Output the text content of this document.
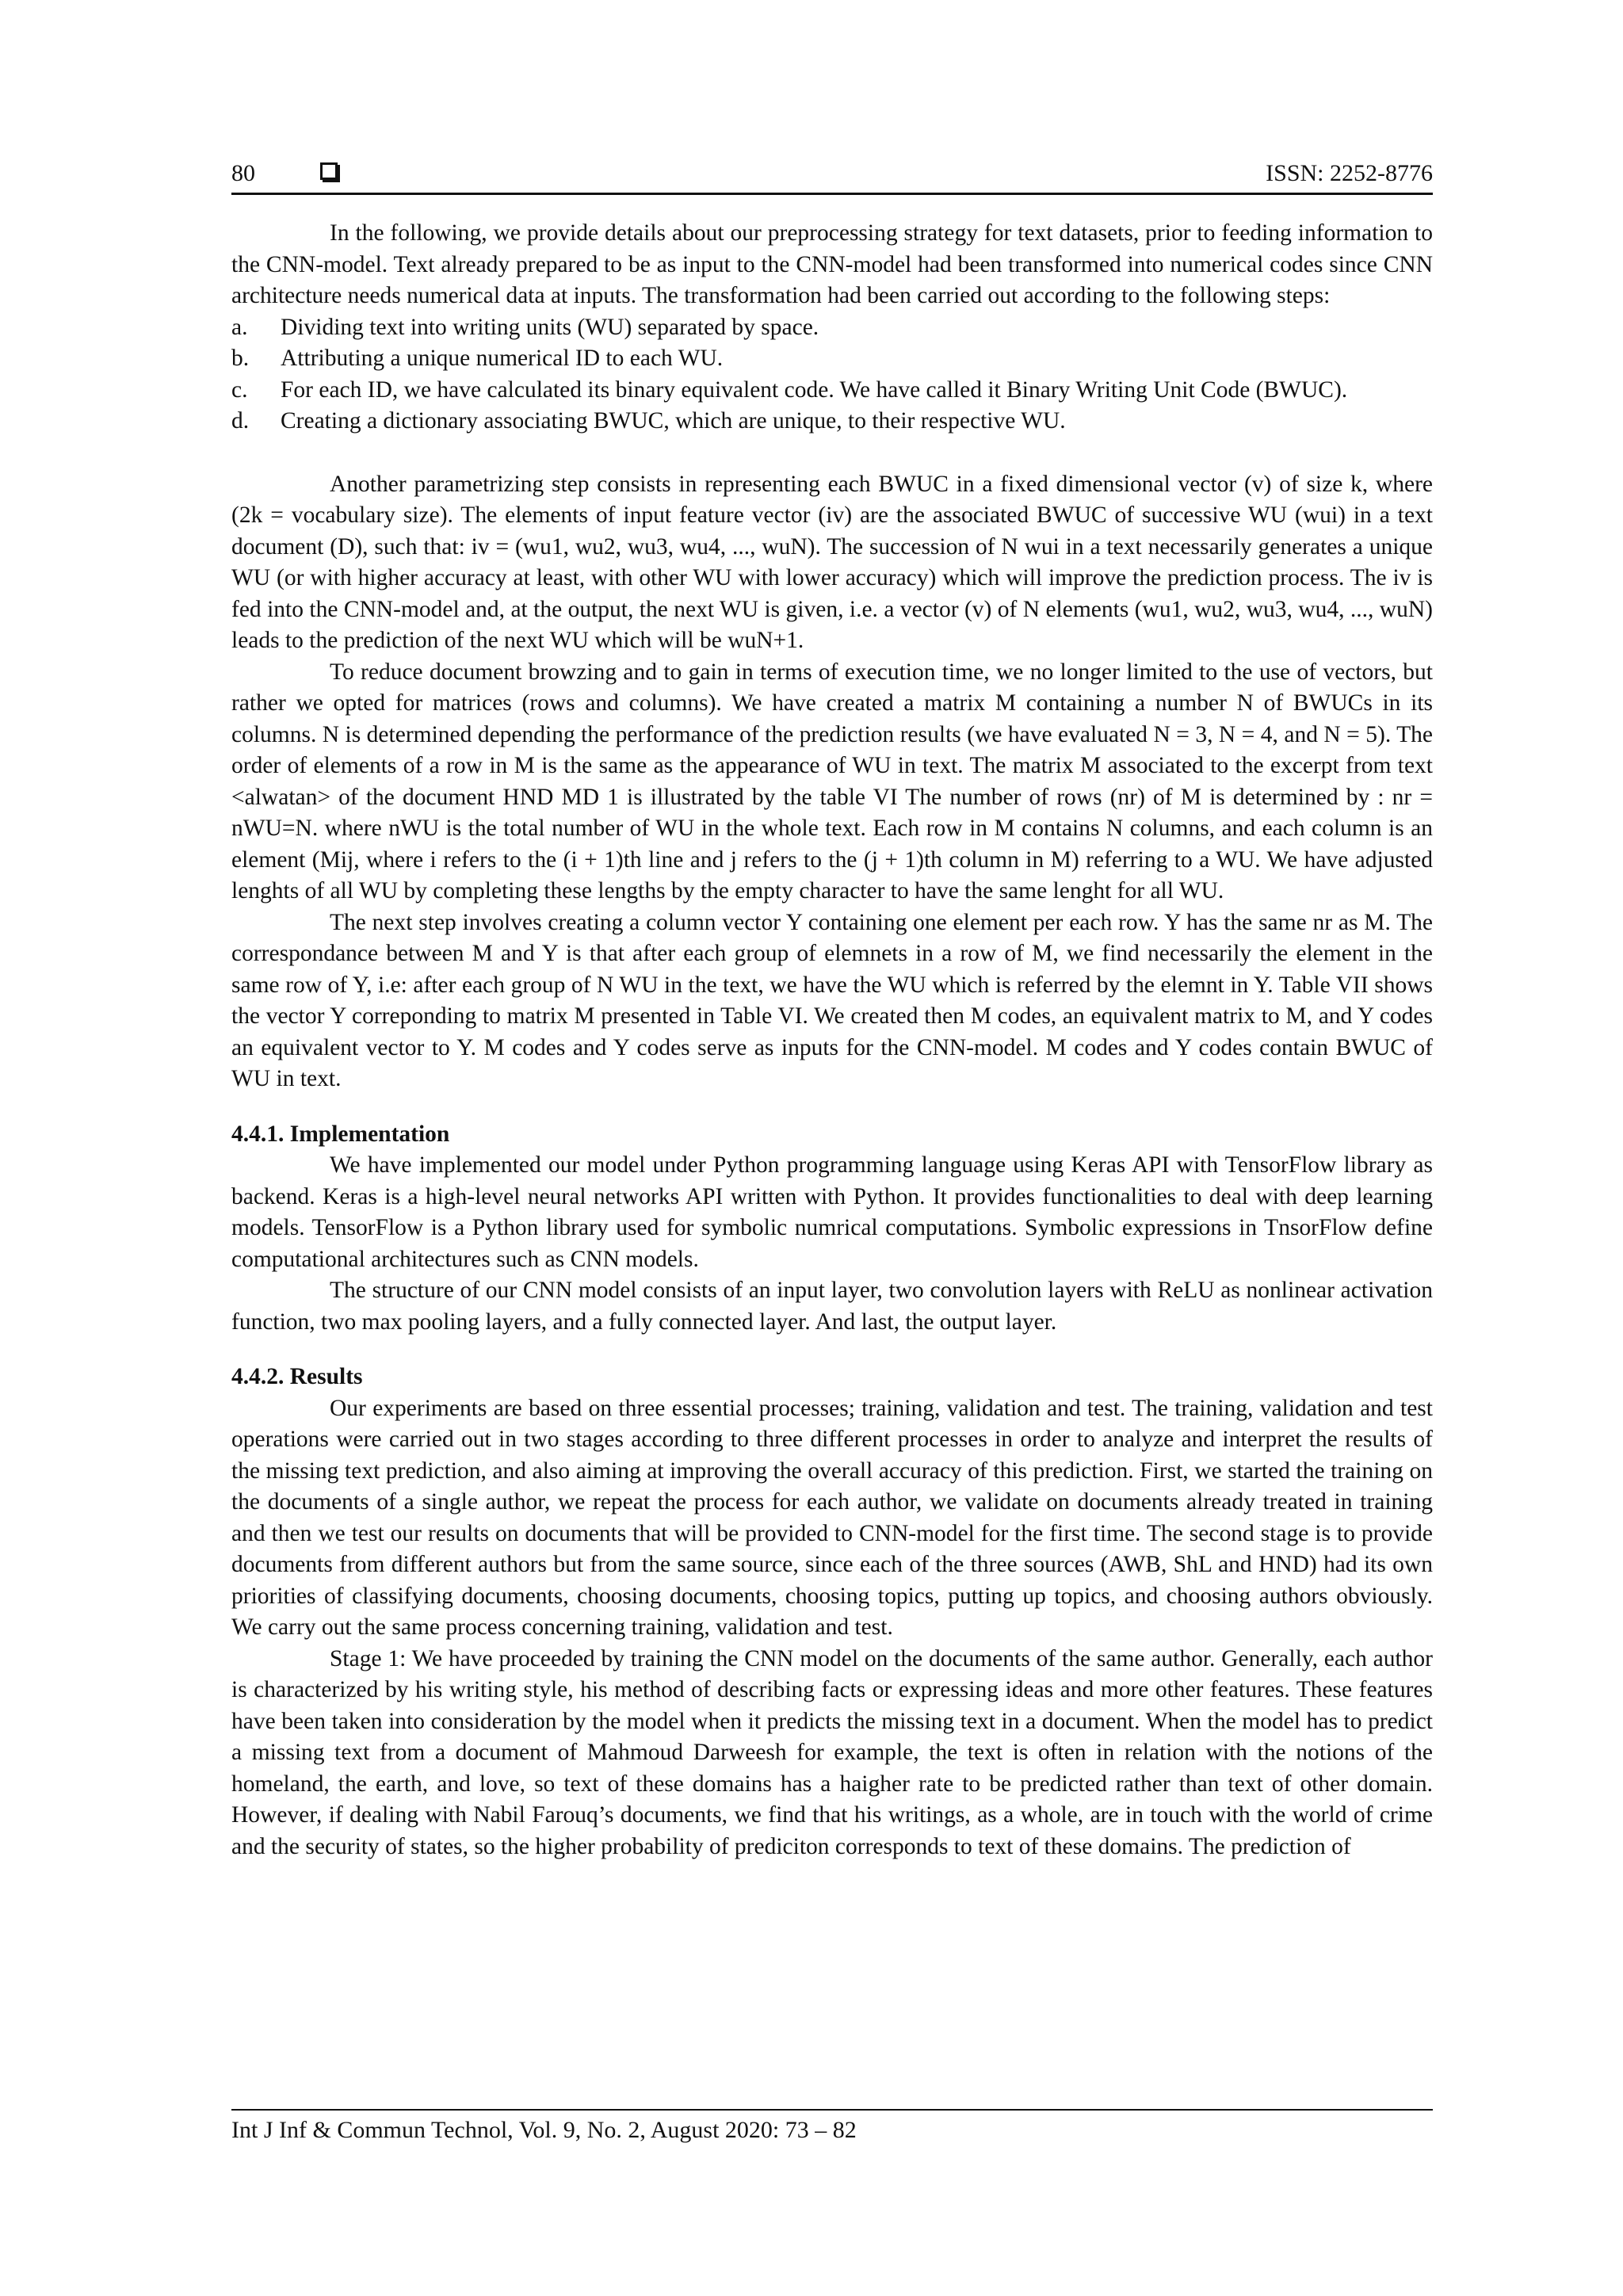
80	ISSN: 2252-8776

In the following, we provide details about our preprocessing strategy for text datasets, prior to feeding information to the CNN-model. Text already prepared to be as input to the CNN-model had been transformed into numerical codes since CNN architecture needs numerical data at inputs. The transformation had been carried out according to the following steps:

a. Dividing text into writing units (WU) separated by space.
b. Attributing a unique numerical ID to each WU.
c. For each ID, we have calculated its binary equivalent code. We have called it Binary Writing Unit Code (BWUC).
d. Creating a dictionary associating BWUC, which are unique, to their respective WU.

Another parametrizing step consists in representing each BWUC in a fixed dimensional vector (v) of size k, where (2k = vocabulary size). The elements of input feature vector (iv) are the associated BWUC of successive WU (wui) in a text document (D), such that: iv = (wu1, wu2, wu3, wu4, ..., wuN). The succession of N wui in a text necessarily generates a unique WU (or with higher accuracy at least, with other WU with lower accuracy) which will improve the prediction process. The iv is fed into the CNN-model and, at the output, the next WU is given, i.e. a vector (v) of N elements (wu1, wu2, wu3, wu4, ..., wuN) leads to the prediction of the next WU which will be wuN+1.

To reduce document browzing and to gain in terms of execution time, we no longer limited to the use of vectors, but rather we opted for matrices (rows and columns). We have created a matrix M containing a number N of BWUCs in its columns. N is determined depending the performance of the prediction results (we have evaluated N = 3, N = 4, and N = 5). The order of elements of a row in M is the same as the appearance of WU in text. The matrix M associated to the excerpt from text <alwatan> of the document HND MD 1 is illustrated by the table VI The number of rows (nr) of M is determined by : nr = nWU=N. where nWU is the total number of WU in the whole text. Each row in M contains N columns, and each column is an element (Mij, where i refers to the (i + 1)th line and j refers to the (j + 1)th column in M) referring to a WU. We have adjusted lenghts of all WU by completing these lengths by the empty character to have the same lenght for all WU.

The next step involves creating a column vector Y containing one element per each row. Y has the same nr as M. The correspondance between M and Y is that after each group of elemnets in a row of M, we find necessarily the element in the same row of Y, i.e: after each group of N WU in the text, we have the WU which is referred by the elemnt in Y. Table VII shows the vector Y correponding to matrix M presented in Table VI. We created then M codes, an equivalent matrix to M, and Y codes an equivalent vector to Y. M codes and Y codes serve as inputs for the CNN-model. M codes and Y codes contain BWUC of WU in text.

4.4.1. Implementation

We have implemented our model under Python programming language using Keras API with TensorFlow library as backend. Keras is a high-level neural networks API written with Python. It provides functionalities to deal with deep learning models. TensorFlow is a Python library used for symbolic numrical computations. Symbolic expressions in TnsorFlow define computational architectures such as CNN models.

The structure of our CNN model consists of an input layer, two convolution layers with ReLU as nonlinear activation function, two max pooling layers, and a fully connected layer. And last, the output layer.

4.4.2. Results

Our experiments are based on three essential processes; training, validation and test. The training, validation and test operations were carried out in two stages according to three different processes in order to analyze and interpret the results of the missing text prediction, and also aiming at improving the overall accuracy of this prediction. First, we started the training on the documents of a single author, we repeat the process for each author, we validate on documents already treated in training and then we test our results on documents that will be provided to CNN-model for the first time. The second stage is to provide documents from different authors but from the same source, since each of the three sources (AWB, ShL and HND) had its own priorities of classifying documents, choosing documents, choosing topics, putting up topics, and choosing authors obviously. We carry out the same process concerning training, validation and test.

Stage 1: We have proceeded by training the CNN model on the documents of the same author. Generally, each author is characterized by his writing style, his method of describing facts or expressing ideas and more other features. These features have been taken into consideration by the model when it predicts the missing text in a document. When the model has to predict a missing text from a document of Mahmoud Darweesh for example, the text is often in relation with the notions of the homeland, the earth, and love, so text of these domains has a haigher rate to be predicted rather than text of other domain. However, if dealing with Nabil Farouq’s documents, we find that his writings, as a whole, are in touch with the world of crime and the security of states, so the higher probability of prediciton corresponds to text of these domains. The prediction of

Int J Inf & Commun Technol, Vol. 9, No. 2, August 2020: 73 – 82
